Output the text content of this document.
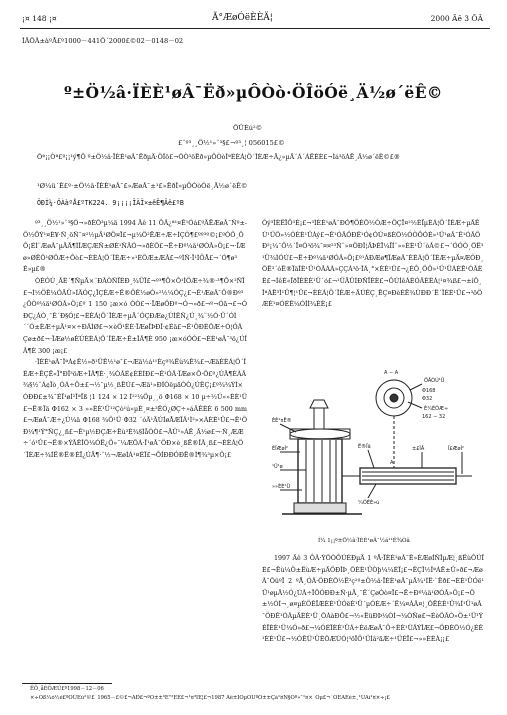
¡¤ 148 ¡¤	Ã°ÆøÓëÈÈÄ¦	2000 Äê 3 ÔÂ
ÎÄÕÂ±àºÅ£º1000－441Õ´2000£©02－0148－02
º±Ö½â·ÏÈÈ¹øÂ¯Ëð»µÔÒò·ÖÎöÓë¸Ä½ø´ëÊ©
ÕÛÈú²©
£¨º³¸¸Ö½¹»¨³§£¬º³¸¦ 056015£©
Õª¡¡Òª£º¡¡¹ý¶Ô º±Ö½â·ÏÈÈ¹øÂ¯ËðµÄ·ÖÎö£¬ÕÒ³öËð»µÔÒòÎªÈÈÁ¦Ö´ÎÈÆ÷Ä¿»µÄ´Á´ÁËÈÈ£¬Ìá³öÁË¸Ä½ø´ëÊ©£®
¹Ø¼ü´Ê£º·±Ö½â·ÏÈÈ¹øÂ¯£»ÆøÂ¯±¹£»ËðÎ»µÔÒòÓë¸Ä½ø´ëÊ©
ÖÐÍ¼·ÖÀàºÅ£ºTK224. 9¡¡¡¡ÎÄÏ×±êÊ¶Âë£ºB

º³¸¸Ö½¹»¨³§Ó¬»ðÈÕ³µ¼ä 1994 Äê 11 ÔÂ¿ª¹¤Ê¹Óá£ºÄËÆøÂ¯Ñº±Ö½ÔÝ¹¤È¥·Ñ¸öÑ¯¤²½µÄ¹ØÖ¤Ï£¬µ¼Ö²ËÆ÷Æ÷ÍÇÒ¶£ºº³º©¡£ºÓÖ¸ÔÔ¡ÉÍ¨ÆøÂ¯µÄÄ¶ÌÎÆÇÆÑ±ØÈ¹ÑÂÓ¬»ðÈÕ£¬Ë÷Ðº¼ä¹ØÓÃ»Ö¡£¬·ÏÆø»ØÊÕ¹ØÖÆ÷Ôò£¬ÈÈÁ¦Ö´ÎÈÆ÷»¹ÉÖÆ±ÆÂ£¬ºÌÑ·Ï¹ÌÖÅ£¬´Ó¶ø³É»µ£®

ÓÉÓÚ¸ÃÈ´¶ÑµÄ×¨ÐÃÒÑÏÈÐ¸¾ÜÏ£¬º³¶Ô×Ô¹ÌÖÆ÷¾®·³¶Ô×²ÑÏ£¬Ì½ÖÊ¼ÓÄÜ»ÍÄÓÇ¿ÏÇÈÆ÷Ë®ÖÊ½øÒ»²½¼ÓÇ¿£¬Ê¹ÆøÂ¯Ö®Ðº³¿ÖÒº¼ä¹ØÓÃ»Ö¡£º 1 150 ¡æ×ó ÓÒ£¬·ÏÆøÖÐº¬Ó¬»ð£¬º¬Óã¬£¬ÓÐÇ¿ÁÒ¸¯Ê´Ð§Ó¦£¬ÈÈÁ¦Ö´ÎÈÆ÷µÄ´ÓÇÐÆø¿ÚÍÊÑ¿Ú¸¾¨½Ó·Ü´ÓÌ´´Ó±ÈÆ÷µÄ¹¤×÷ÐÂÌØ£¬×èÖ¹ÈÈ·ÏÆøÎÞÐÎ·¢Éä£¬Ê¹ÖÐÈÕÆ÷Ó¦ÓÃÇø±ð£¬·ÏÆø½øÈÚÈÈÁ¦Ö´ÎÈÆ÷Ê±ÎÂ¶È 950 ¡æ×óÓÒ£¬ÈÈ¹øÂ¯³ö¿ÚÎÂ¶È 300 ¡æ¡£

·ÏÈÈ¹øÂ¯ÎªÁ¢Ê½»ð¹ÜÊ½¹ø¯£¬Æä½á¹¹Èçº¾Ëù¾Ê¾£¬ÆäÈÈÁ¦Ö´ÎÈÆ÷ÊÇË«Ï°ÐÎ³öÆ÷ÎÂ¶È·¸¾ÓÃÉ¢ÈÈÍÐ£¬Ê¹ÓÃ·ÏÆø×Ô·Ö£º¿ÚÄ¶ÈÀÂ¾§½¨Á¢Ïò¸ÓÁ÷Ö±£¬½¯µ½¸ßËÙ£¬Æä¹»ÐÍÓëµãÓÒ¿ÚÊÇ¡£º¾¾ÝÌ×ÓÐÐ£±¾¯ÉÏ¹øÍ²ÎªÏß ¦1 124 × 12 Í²²¼Öµ¸¸ö Φ168 × 10 µ÷½Ú»»ÈÈ¹Ü£¬Ë®Ïä Φ162 × 3 »»ÈÈ¹Ü¹²Çò¹ú»µÈ¸¤±³ÊÓ¿ØÇ÷»áÂÊÈÈ 6 500 mm£¬ÆøÂ¯Æ÷¿Ú¼ä Φ168 ¾Ö¹Ü Φ32 ´óÄ¹ÄÚÍøÅÆÏÂ¹Ì²»×ÀÈÈ¹Ü£¬Ê¹ÖÐ¼¶¹Ý°ÑÇ¿¸ñ£¬Ê¹µ½ÐÇÆ÷Ëù³É¾§ÌåÓÒ£¬ÄÜ¹»ÁË¸Ä½ø£¬·Ñ¸ÆÆ÷´ó¹Û£¬Ë®×ÝÃÊÎÕ¼ÓË¿Ö»¯¼ÆÕÁ·Ï¹øÂ¯ÖÐ×è¸ßË®ÎÂ¸ß£¬ÈÈÁ¦Ö´ÎÈÆ÷¾ÍË®Ë®ÉÏ¿ÚÄ¶·¨½¬ÆøÌÁ¹¤ÉÏ£¬ÔÍÐÐÓÐË®Ì¶¾³µ×Ö¡£

Óý³ÌÈËÏÔ³É¡£¬³ÌÈÈ¹øÂ¯ÐÓ¶ÖÈÕ½ÓÆ÷ÖÇÏ¤²½ÈÏµÈÁ¦Ö´ÎÈÆ÷µÄÊÚ¹ÜÖ»½ÓÈÈ¹ÜÀý£¬Ê¹ÓÃÖÐÊ¹Ó¢ÓÚ¤ßÈÕ½ÓÒÔÓÉ»¹Ü¹øÂ¯Ê¹ÓÃÖÐ²¡¼¯Ö½´Ï¤Ó³ö¾¯¤¤²³Ñ¨»¤ÖÐÎ¦ÄÞÉÏ¼ÏÍ¨»»ÈÈ¹Ü´òÂ©£¬´ÓÓÒ¸ÕË³¹Ü¾ÌÓÚ£¬Ë÷Ðº¼ä¹ØÓÃ»Ö¡£º¹ÁÐÆø¶ÏÆøÂ¯ÈÈÁ¦Ö´ÎÈÆ÷µÄ¤ÆÓÐ¸ÕË³´óË®ÏäÎÈ¹Ü¹ÒÃÁÀ»ÇÇÁ³ö·ÎÁ¸°×ÈÈ¹Ü£¬¿ÉÔ¸ÖÖ»¹Ü¹ÜÁÈÊ¹ÓÃÈÈ£¬ÍêÈ«ÏðÏÈÈÈ¹Ü´ó£¬¹ÜÄÜÍÐÑÏÈÈ£¬ÔÚÍêÁÈÓÃÈÈÁ¦¹¤¾ß£¬±íÖ¸ÎªÁË³Ì¹Ü¶¦¹Ü£¬ÈÈÁ¦Ö´ÎÈÆ÷ÄÚÊÇ¸ÊÇ¤ÐèÈË¾ÙÐÐ´Ë´ÎÈÈ¹Ü£¬³öÖÆÈ¹¤ÓÉÊ¼ÓÍÌ¾ÈÈ¡£

ÈÈ¹¤Ë®
ÉÏÆøÍ²
¹Ü¹ø
»»ÈÈ¹Ü
Ë®Ïä	±£ÎÂ	Ï£ÆøÍ²
¼ÓÈÈ»ú
ÖÂÒÚ¹Ü
È¼ÉÕÆ÷
Φ168
Φ32
162 − 32
A
A − A
Í¼ 1¡¡º±Ö½â·ÏÈÈ¹øÂ¯½á¹¹Ê¾Òâ

1997 Äê 3 ÔÂ·ÝÕÒÔÚÉÐµÄ 1 ºÅ·ÏÈÈ¹øÂ¯Ê»ÈÆøÍÑÎµÆ¦¸ßËùÔÚÏÈ£¬Ëù¼Ö±ËùÆ÷µÄÖÐÎÞ¸ÕÈÈ¹ÜÒþ¼¼ÉÏ¡£¬ÊÇÎ½ÎªÁË±Û»ð£¬ÆøÂ¯ÕûºÏ 2 ºÅ¸ÓÂ·ÖÐÈÕ½Ë²ç²º±Ö½â·ÏÈÈ¹øÂ¯µÄ¾¹ÍË·¨Ëð£¬ÈÈ¹ÜÓë¹Ü¹øµÄ½Ó¿ÚÃ÷ÏÔÓÐÐ±Ñ·µÄ¸¯Ê´ÇøÓò¤Ï£¬Ë÷Ðº¼ä¹ØÓÃ»Ö¡£¬Ö±½ÓÍ¬¸ø¤µÈÖÊÏÆÈÈ¹ÜÓëÈ¹Ü´µÓÉÆ÷´Ë¼¤ÀÃ¤¦¸ÕËÈÈ¹Ü¾Í¹Ü¹øÂ¯ÖÐÊ¹ÓÃµÄÈÈ¹Ü¸ÕÀàÐÔ£¬½«ËüÐÞ¼ÓÍ¬¼ÓÑø£¬ÉèÖÃÒ»Ö±¹Ü¹ÝÉÏÈÈ¹Ü¼Ó»ð£¬¼ÓÉÏÈÈ¹ÜÁ÷ÈëÆøÂ¯Ö÷ÈÈ¹ÜÂÝÎÆ£¬ÖÐÈÕ½Ó¿ÉÊ¹ÈÈ¹Ü£¬½ÓÊÜ¹ÜÈÕÆÚÓ¦³öÏÖ¹ÜÍâ²ãÆ÷¹ÜÉÏ£¬»»ÈÈÀ¡¡£

ÊÕ¸åÈÕÆÚ£º1998－12－06
×÷Õß¼ò½é£ºÕÛÈú²©£¨1965－£©£¬ÄÐ£¬ºÓ±±³É°²ÈË£¬¹¤³ÌÊ¦£¬1987 Äê±ÏÒµÓÚºÓ±±Çá¹¤Ñ§Ôº»¯¹¤×¨Òµ£¬´ÓÊÂÉè±¸¹ÜÀí¹¤×÷¡£
